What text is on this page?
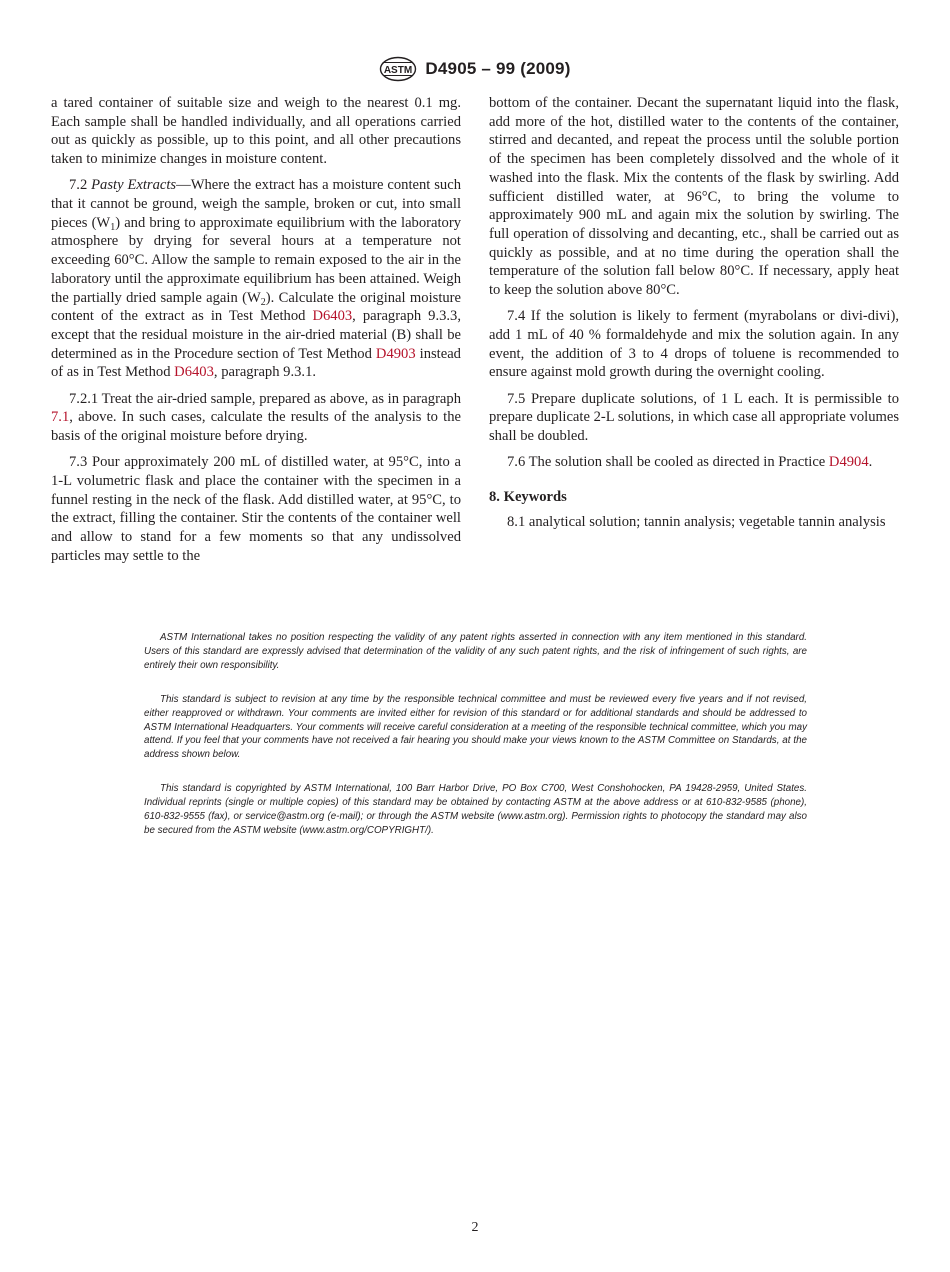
ASTM D4905 – 99 (2009)

a tared container of suitable size and weigh to the nearest 0.1 mg. Each sample shall be handled individually, and all operations carried out as quickly as possible, up to this point, and all other precautions taken to minimize changes in moisture content.

7.2 Pasty Extracts—Where the extract has a moisture content such that it cannot be ground, weigh the sample, broken or cut, into small pieces $(W_1)$ and bring to approximate equilibrium with the laboratory atmosphere by drying for several hours at a temperature not exceeding 60°C. Allow the sample to remain exposed to the air in the laboratory until the approximate equilibrium has been attained. Weigh the partially dried sample again $(W_2)$. Calculate the original moisture content of the extract as in Test Method D6403, paragraph 9.3.3, except that the residual moisture in the air-dried material (B) shall be determined as in the Procedure section of Test Method D4903 instead of as in Test Method D6403, paragraph 9.3.1.

7.2.1 Treat the air-dried sample, prepared as above, as in paragraph 7.1, above. In such cases, calculate the results of the analysis to the basis of the original moisture before drying.

7.3 Pour approximately 200 mL of distilled water, at 95°C, into a 1-L volumetric flask and place the container with the specimen in a funnel resting in the neck of the flask. Add distilled water, at 95°C, to the extract, filling the container. Stir the contents of the container well and allow to stand for a few moments so that any undissolved particles may settle to the

bottom of the container. Decant the supernatant liquid into the flask, add more of the hot, distilled water to the contents of the container, stirred and decanted, and repeat the process until the soluble portion of the specimen has been completely dissolved and the whole of it washed into the flask. Mix the contents of the flask by swirling. Add sufficient distilled water, at 96°C, to bring the volume to approximately 900 mL and again mix the solution by swirling. The full operation of dissolving and decanting, etc., shall be carried out as quickly as possible, and at no time during the operation shall the temperature of the solution fall below 80°C. If necessary, apply heat to keep the solution above 80°C.

7.4 If the solution is likely to ferment (myrabolans or divi-divi), add 1 mL of 40 % formaldehyde and mix the solution again. In any event, the addition of 3 to 4 drops of toluene is recommended to ensure against mold growth during the overnight cooling.

7.5 Prepare duplicate solutions, of 1 L each. It is permissible to prepare duplicate 2-L solutions, in which case all appropriate volumes shall be doubled.

7.6 The solution shall be cooled as directed in Practice D4904.

8. Keywords

8.1 analytical solution; tannin analysis; vegetable tannin analysis

ASTM International takes no position respecting the validity of any patent rights asserted in connection with any item mentioned in this standard. Users of this standard are expressly advised that determination of the validity of any such patent rights, and the risk of infringement of such rights, are entirely their own responsibility.

This standard is subject to revision at any time by the responsible technical committee and must be reviewed every five years and if not revised, either reapproved or withdrawn. Your comments are invited either for revision of this standard or for additional standards and should be addressed to ASTM International Headquarters. Your comments will receive careful consideration at a meeting of the responsible technical committee, which you may attend. If you feel that your comments have not received a fair hearing you should make your views known to the ASTM Committee on Standards, at the address shown below.

This standard is copyrighted by ASTM International, 100 Barr Harbor Drive, PO Box C700, West Conshohocken, PA 19428-2959, United States. Individual reprints (single or multiple copies) of this standard may be obtained by contacting ASTM at the above address or at 610-832-9585 (phone), 610-832-9555 (fax), or service@astm.org (e-mail); or through the ASTM website (www.astm.org). Permission rights to photocopy the standard may also be secured from the ASTM website (www.astm.org/COPYRIGHT/).

2
